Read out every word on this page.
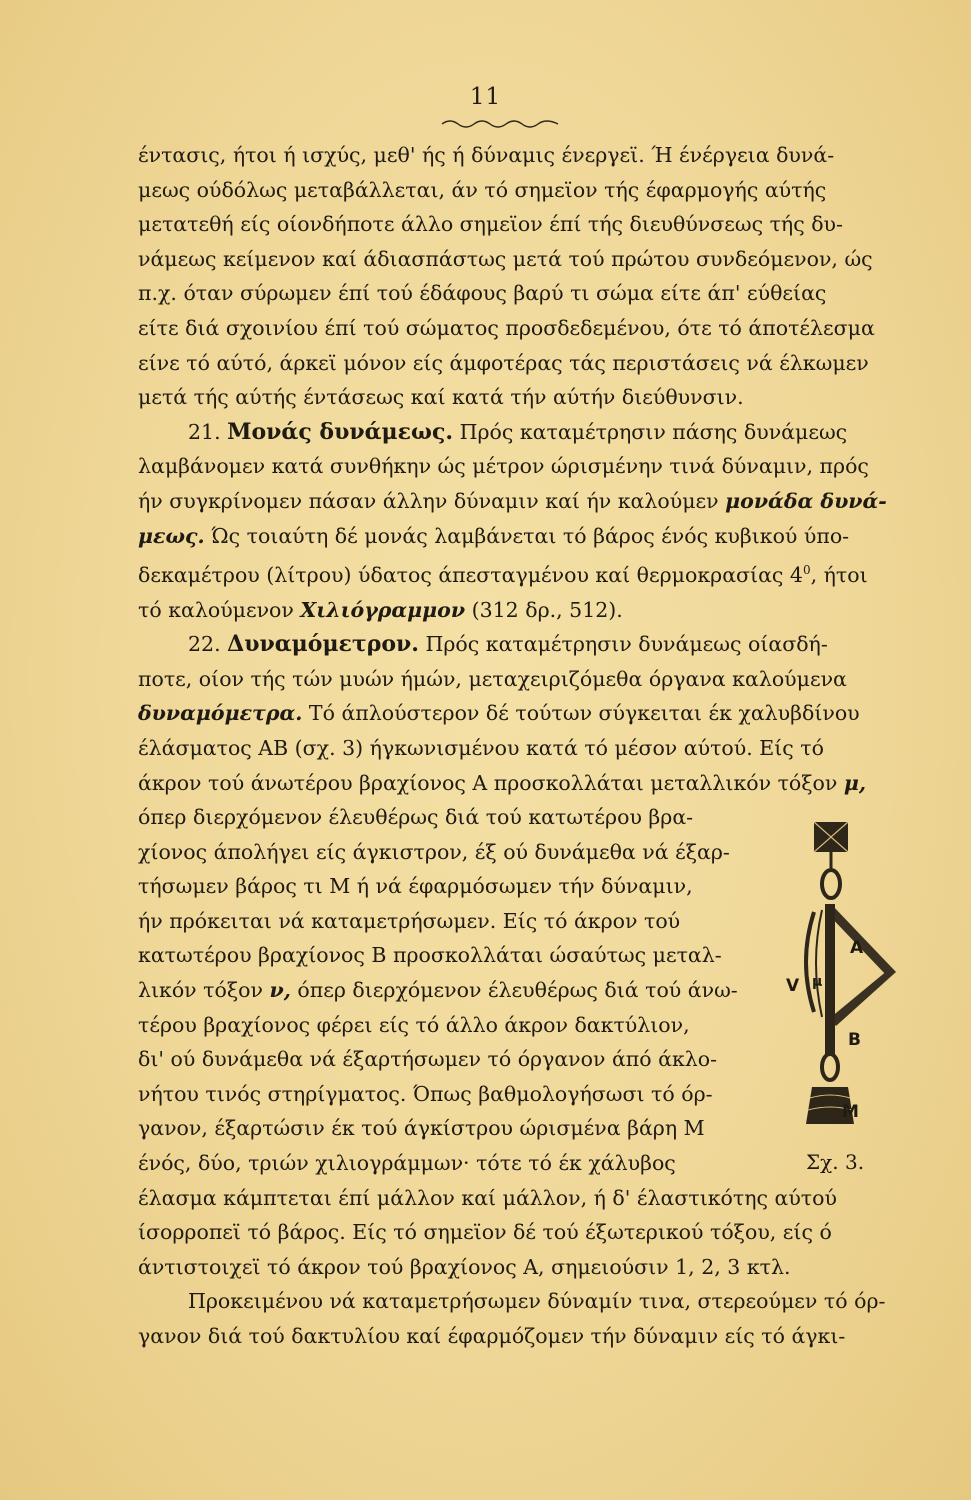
11
έντασις, ήτοι ή ισχύς, μεθ' ής ή δύναμις ένεργεϊ. Ή ένέργεια δυνά-
μεως ούδόλως μεταβάλλεται, άν τό σημεϊον τής έφαρμογής αύτής
μετατεθή είς οίονδήποτε άλλο σημεϊον έπί τής διευθύνσεως τής δυ-
νάμεως κείμενον καί άδιασπάστως μετά τού πρώτου συνδεόμενον, ώς
π.χ. όταν σύρωμεν έπί τού έδάφους βαρύ τι σώμα είτε άπ' εύθείας
είτε διά σχοινίου έπί τού σώματος προσδεδεμένου, ότε τό άποτέλεσμα
είνε τό αύτό, άρκεϊ μόνον είς άμφοτέρας τάς περιστάσεις νά έλκωμεν
μετά τής αύτής έντάσεως καί κατά τήν αύτήν διεύθυνσιν.
21. Μονάς δυνάμεως. Πρός καταμέτρησιν πάσης δυνάμεως
λαμβάνομεν κατά συνθήκην ώς μέτρον ώρισμένην τινά δύναμιν, πρός
ήν συγκρίνομεν πάσαν άλλην δύναμιν καί ήν καλούμεν μονάδα δυνά-
μεως. Ώς τοιαύτη δέ μονάς λαμβάνεται τό βάρος ένός κυβικού ύπο-
δεκαμέτρου (λίτρου) ύδατος άπεσταγμένου καί θερμοκρασίας $4^0$, ήτοι
τό καλούμενον Χιλιόγραμμον (312 δρ., 512).
22. Δυναμόμετρον. Πρός καταμέτρησιν δυνάμεως οίασδή-
ποτε, οίον τής τών μυών ήμών, μεταχειριζόμεθα όργανα καλούμενα
δυναμόμετρα. Τό άπλούστερον δέ τούτων σύγκειται έκ χαλυβδίνου
έλάσματος ΑΒ (σχ. 3) ήγκωνισμένου κατά τό μέσον αύτού. Είς τό
άκρον τού άνωτέρου βραχίονος Α προσκολλάται μεταλλικόν τόξον μ,
όπερ διερχόμενον έλευθέρως διά τού κατωτέρου βρα-
χίονος άπολήγει είς άγκιστρον, έξ ού δυνάμεθα νά έξαρ-
τήσωμεν βάρος τι Μ ή νά έφαρμόσωμεν τήν δύναμιν,
ήν πρόκειται νά καταμετρήσωμεν. Είς τό άκρον τού
κατωτέρου βραχίονος Β προσκολλάται ώσαύτως μεταλ-
λικόν τόξον ν, όπερ διερχόμενον έλευθέρως διά τού άνω-
τέρου βραχίονος φέρει είς τό άλλο άκρον δακτύλιον,
δι' ού δυνάμεθα νά έξαρτήσωμεν τό όργανον άπό άκλο-
νήτου τινός στηρίγματος. Όπως βαθμολογήσωσι τό όρ-
γανον, έξαρτώσιν έκ τού άγκίστρου ώρισμένα βάρη Μ
ένός, δύο, τριών χιλιογράμμων· τότε τό έκ χάλυβος
έλασμα κάμπτεται έπί μάλλον καί μάλλον, ή δ' έλαστικότης αύτού
ίσορροπεϊ τό βάρος. Είς τό σημεϊον δέ τού έξωτερικού τόξου, είς ό
άντιστοιχεϊ τό άκρον τού βραχίονος Α, σημειούσιν 1, 2, 3 κτλ.
Προκειμένου νά καταμετρήσωμεν δύναμίν τινα, στερεούμεν τό όρ-
γανον διά τού δακτυλίου καί έφαρμόζομεν τήν δύναμιν είς τό άγκι-
Α
V μ
Β
Μ
Σχ. 3.
